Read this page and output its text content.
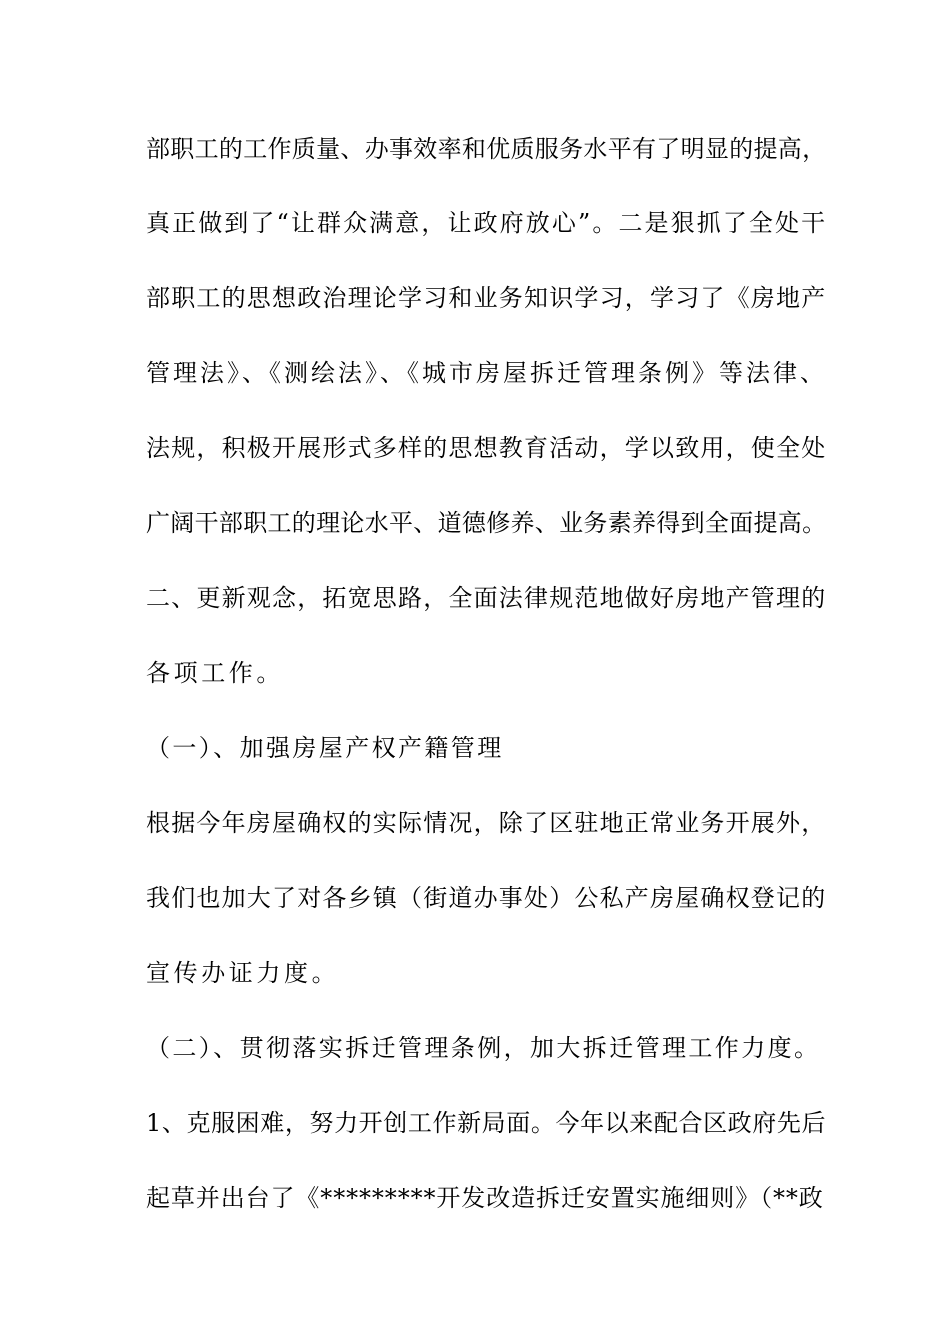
部职工的工作质量、办事效率和优质服务水平有了明显的提高，
真正做到了“让群众满意，让政府放心”。二是狠抓了全处干
部职工的思想政治理论学习和业务知识学习，学习了《房地产
管理法》、《测绘法》、《城市房屋拆迁管理条例》等法律、
法规，积极开展形式多样的思想教育活动，学以致用，使全处
广阔干部职工的理论水平、道德修养、业务素养得到全面提高。
二、更新观念，拓宽思路，全面法律规范地做好房地产管理的
各项工作。
（一）、加强房屋产权产籍管理
根据今年房屋确权的实际情况，除了区驻地正常业务开展外，
我们也加大了对各乡镇（街道办事处）公私产房屋确权登记的
宣传办证力度。
（二）、贯彻落实拆迁管理条例，加大拆迁管理工作力度。
1、克服困难，努力开创工作新局面。今年以来配合区政府先后
起草并出台了《*********开发改造拆迁安置实施细则》（**政
